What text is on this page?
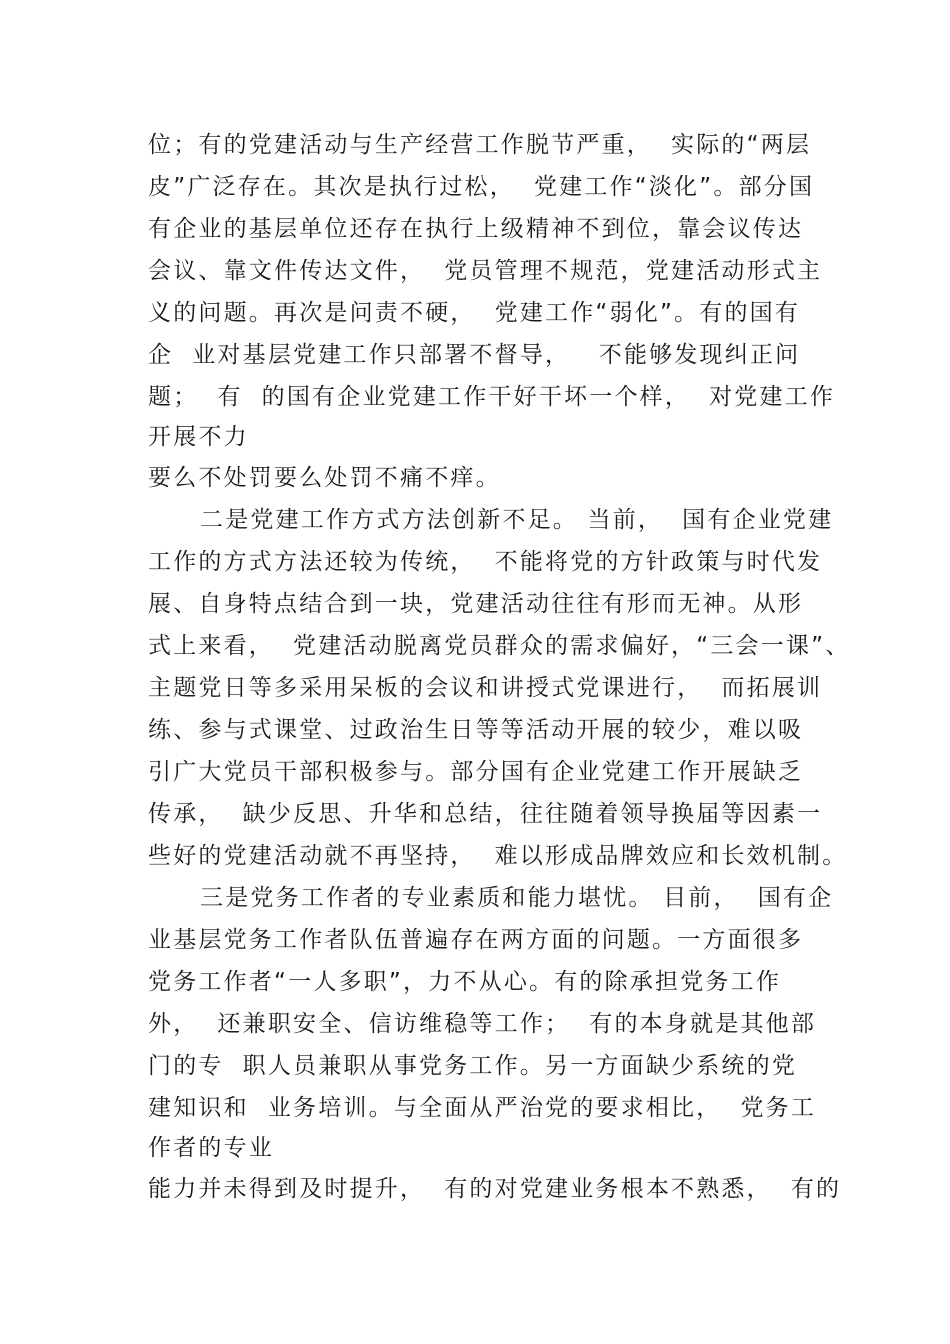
位；有的党建活动与生产经营工作脱节严重，  实际的“两层
皮”广泛存在。其次是执行过松，  党建工作“淡化”。部分国
有企业的基层单位还存在执行上级精神不到位，靠会议传达
会议、靠文件传达文件，  党员管理不规范，党建活动形式主
义的问题。再次是问责不硬，  党建工作“弱化”。有的国有
企  业对基层党建工作只部署不督导，   不能够发现纠正问
题；  有  的国有企业党建工作干好干坏一个样，  对党建工作
开展不力
要么不处罚要么处罚不痛不痒。
二是党建工作方式方法创新不足。 当前，  国有企业党建
工作的方式方法还较为传统，  不能将党的方针政策与时代发
展、自身特点结合到一块，党建活动往往有形而无神。从形
式上来看，  党建活动脱离党员群众的需求偏好，“三会一课”、
主题党日等多采用呆板的会议和讲授式党课进行，  而拓展训
练、参与式课堂、过政治生日等等活动开展的较少，难以吸
引广大党员干部积极参与。部分国有企业党建工作开展缺乏
传承，  缺少反思、升华和总结，往往随着领导换届等因素一
些好的党建活动就不再坚持，  难以形成品牌效应和长效机制。
三是党务工作者的专业素质和能力堪忧。 目前，  国有企
业基层党务工作者队伍普遍存在两方面的问题。一方面很多
党务工作者“一人多职”，力不从心。有的除承担党务工作
外，  还兼职安全、信访维稳等工作；  有的本身就是其他部
门的专  职人员兼职从事党务工作。另一方面缺少系统的党
建知识和  业务培训。与全面从严治党的要求相比，  党务工
作者的专业
能力并未得到及时提升，  有的对党建业务根本不熟悉，  有的
